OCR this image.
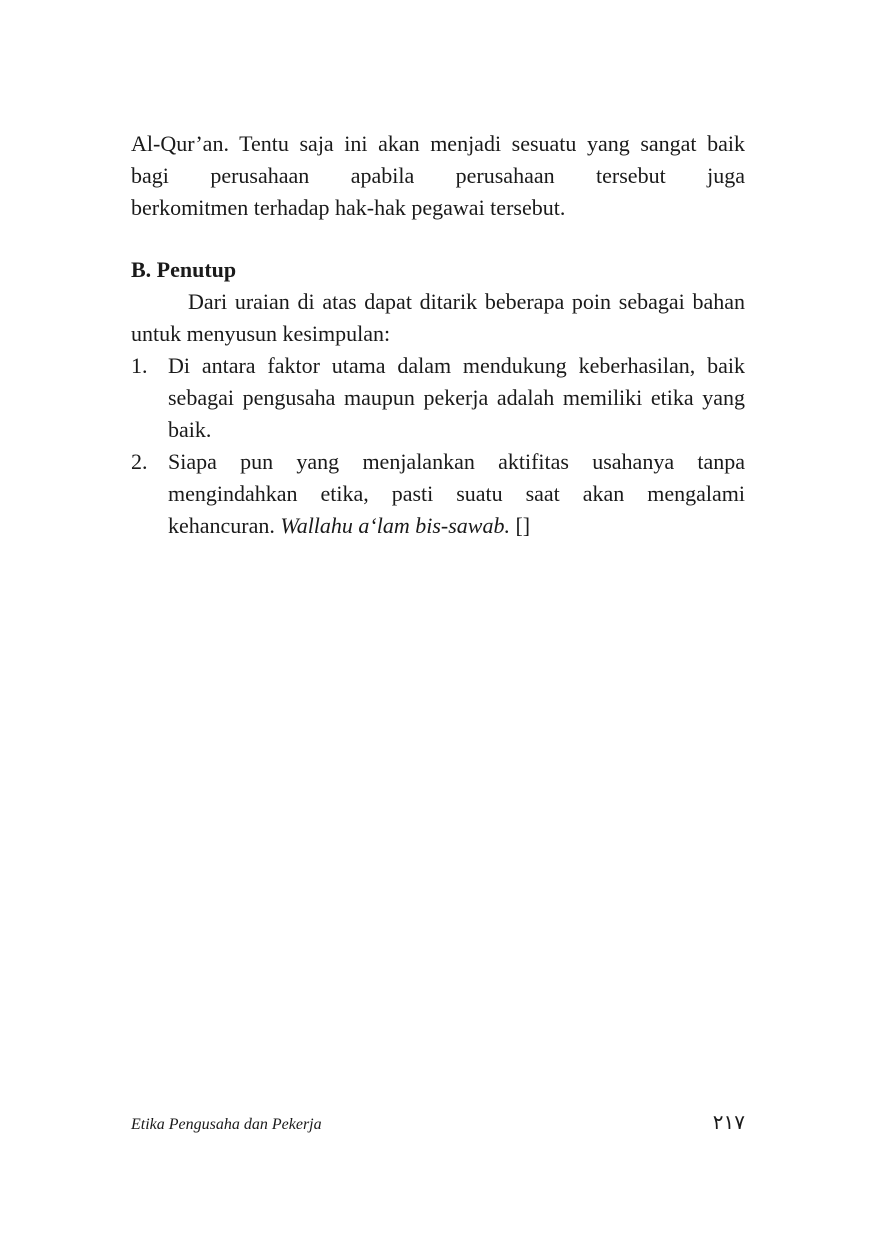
Al-Qur’an. Tentu saja ini akan menjadi sesuatu yang sangat baik
bagi perusahaan apabila perusahaan tersebut juga
berkomitmen terhadap hak-hak pegawai tersebut.

B. Penutup

Dari uraian di atas dapat ditarik beberapa poin sebagai bahan untuk menyusun kesimpulan:

1. Di antara faktor utama dalam mendukung keberhasilan, baik sebagai pengusaha maupun pekerja adalah memiliki etika yang baik.
2. Siapa pun yang menjalankan aktifitas usahanya tanpa mengindahkan etika, pasti suatu saat akan mengalami kehancuran. Wallahu a‘lam bis-sawab. []
Etika Pengusaha dan Pekerja	٢١٧
